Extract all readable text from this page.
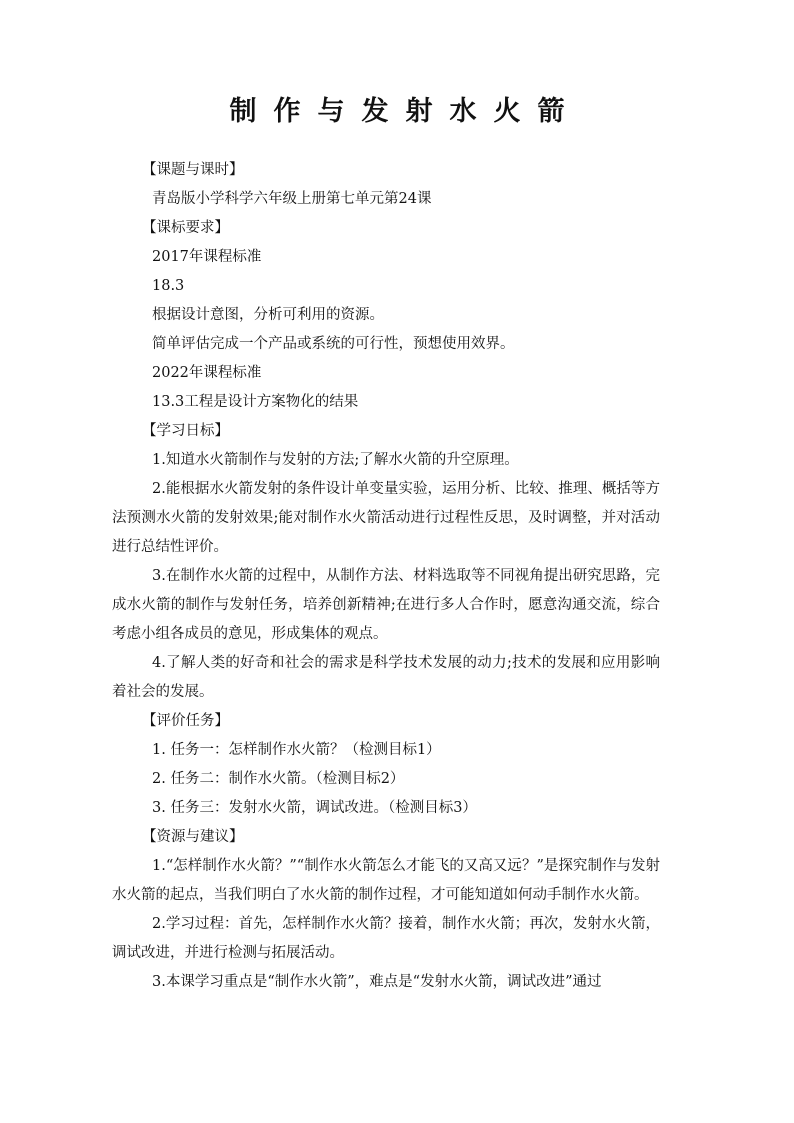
制作与发射水火箭
【课题与课时】
青岛版小学科学六年级上册第七单元第24课
【课标要求】
2017年课程标准
18.3
根据设计意图，分析可利用的资源。
简单评估完成一个产品或系统的可行性，预想使用效界。
2022年课程标准
13.3工程是设计方案物化的结果
【学习日标】

1.知道水火箭制作与发射的方法;了解水火箭的升空原理。

2.能根据水火箭发射的条件设计单变量实验，运用分析、比较、推理、概括等方法预测水火箭的发射效果;能对制作水火箭活动进行过程性反思，及时调整，并对活动进行总结性评价。

3.在制作水火箭的过程中，从制作方法、材料选取等不同视角提出研究思路，完成水火箭的制作与发射任务，培养创新精神;在进行多人合作时，愿意沟通交流，综合考虑小组各成员的意见，形成集体的观点。

4.了解人类的好奇和社会的需求是科学技术发展的动力;技术的发展和应用影响着社会的发展。

【评价任务】
1. 任务一：怎样制作水火箭？（检测目标1）
2. 任务二：制作水火箭。（检测目标2）
3. 任务三：发射水火箭，调试改进。（检测目标3）
【资源与建议】

1.“怎样制作水火箭？”“制作水火箭怎么才能飞的又高又远？”是探究制作与发射水火箭的起点，当我们明白了水火箭的制作过程，才可能知道如何动手制作水火箭。

2.学习过程：首先，怎样制作水火箭？接着，制作水火箭；再次，发射水火箭，调试改进，并进行检测与拓展活动。

3.本课学习重点是“制作水火箭”，难点是“发射水火箭，调试改进”通过
